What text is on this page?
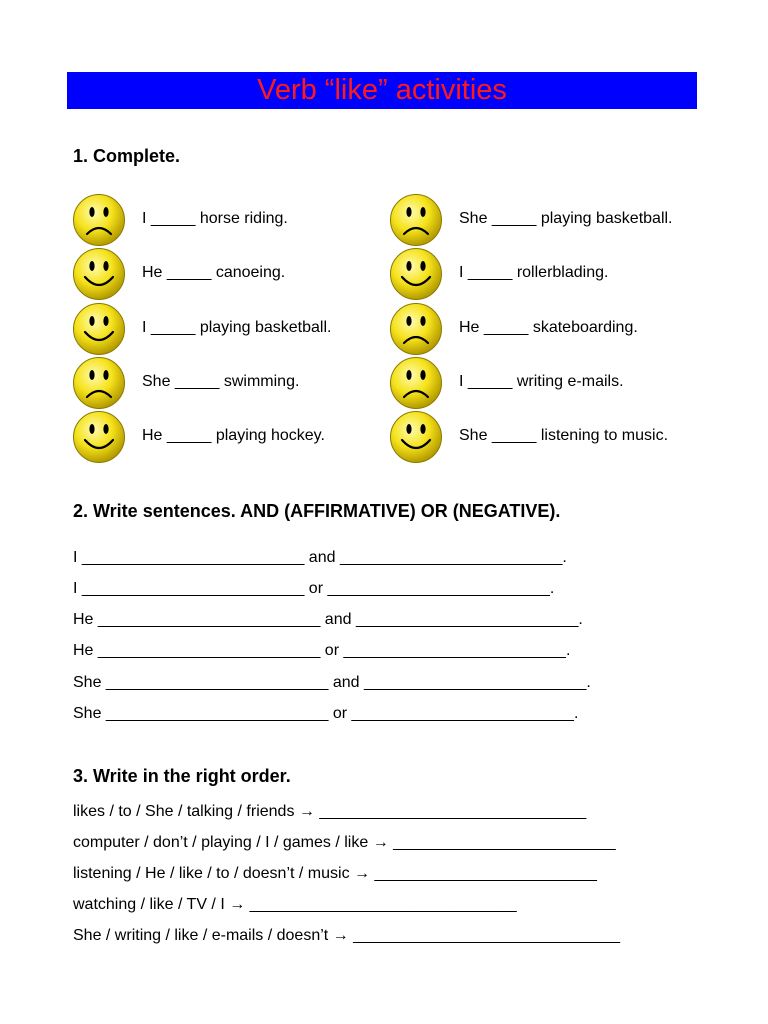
Verb “like” activities
1. Complete.
I _____ horse riding.
He _____ canoeing.
I _____ playing basketball.
She _____ swimming.
He _____ playing hockey.
She _____ playing basketball.
I _____ rollerblading.
He _____ skateboarding.
I _____ writing e-mails.
She _____ listening to music.
2. Write sentences. AND (AFFIRMATIVE) OR (NEGATIVE).
I _________________________ and _________________________.
I _________________________ or _________________________.
He _________________________ and _________________________.
He _________________________ or _________________________.
She _________________________ and _________________________.
She _________________________ or _________________________.
3. Write in the right order.
likes / to / She / talking / friends → ______________________________
computer / don’t / playing / I / games / like → _________________________
listening / He / like / to / doesn’t / music → _________________________
watching / like / TV / I → ______________________________
She / writing / like / e-mails / doesn’t → ______________________________
